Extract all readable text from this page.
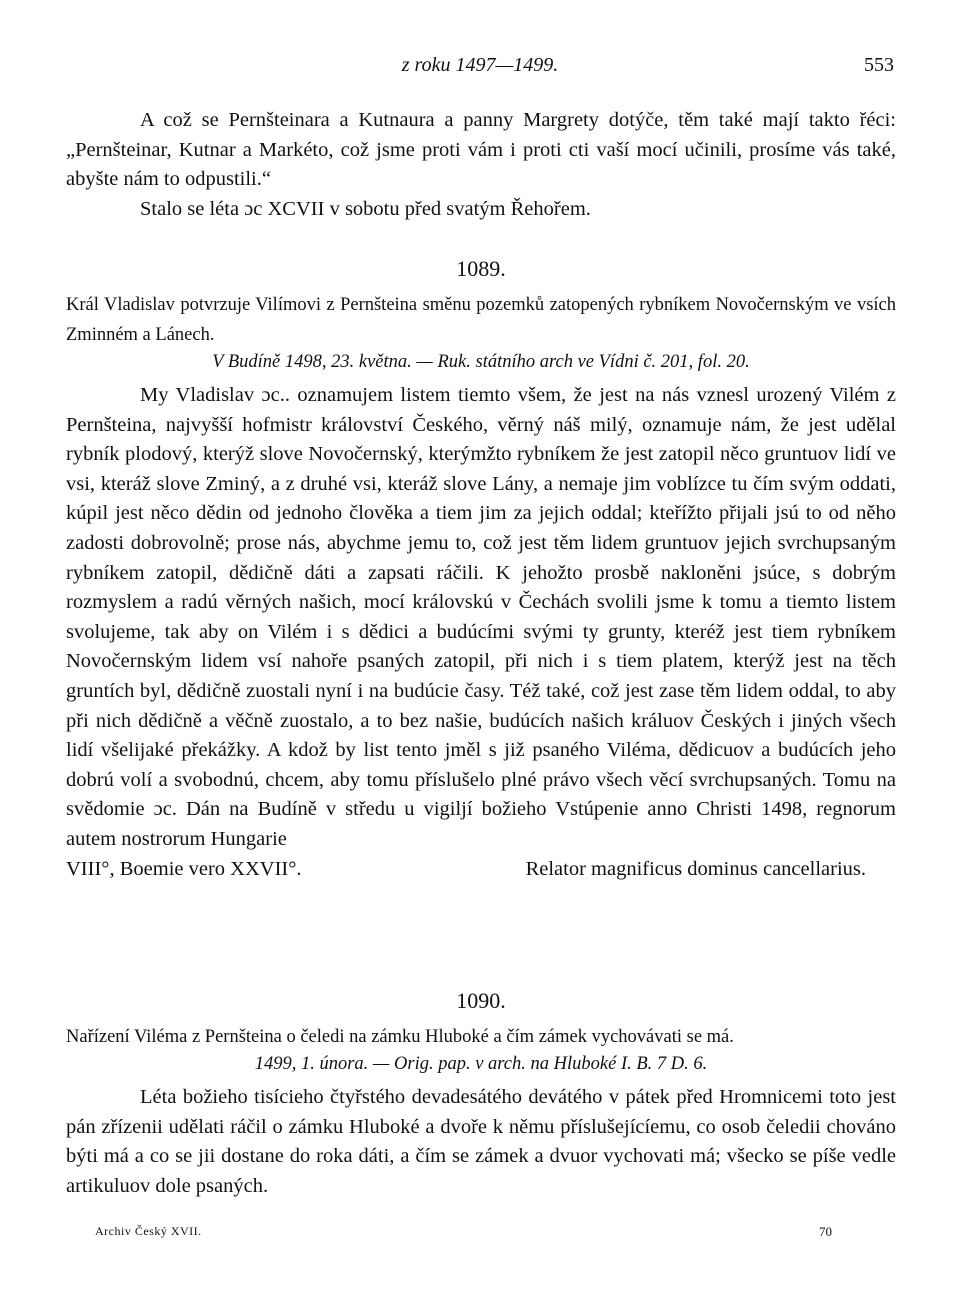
z roku 1497—1499.	553

A což se Pernšteinara a Kutnaura a panny Margrety dotýče, těm také mají takto řéci: „Pernšteinar, Kutnar a Markéto, což jsme proti vám i proti cti vaší mocí učinili, prosíme vás také, abyšte nám to odpustili.“

Stalo se léta ɔc XCVII v sobotu před svatým Řehořem.

1089.

Král Vladislav potvrzuje Vilímovi z Pernšteina směnu pozemků zatopených rybníkem Novočernským ve vsích Zminném a Lánech.

V Budíně 1498, 23. května. — Ruk. státního arch ve Vídni č. 201, fol. 20.

My Vladislav ɔc.. oznamujem listem tiemto všem, že jest na nás vznesl urozený Vilém z Pernšteina, najvyšší hofmistr království Českého, věrný náš milý, oznamuje nám, že jest udělal rybník plodový, kterýž slove Novočernský, kterýmžto rybníkem že jest zatopil něco gruntuov lidí ve vsi, kteráž slove Zminý, a z druhé vsi, kteráž slove Lány, a nemaje jim voblízce tu čím svým oddati, kúpil jest něco dědin od jednoho člověka a tiem jim za jejich oddal; kteřížto přijali jsú to od něho zadosti dobrovolně; prose nás, abychme jemu to, což jest těm lidem gruntuov jejich svrchupsaným rybníkem zatopil, dědičně dáti a zapsati ráčili. K jehožto prosbě nakloněni jsúce, s dobrým rozmyslem a radú věrných našich, mocí královskú v Čechách svolili jsme k tomu a tiemto listem svolujeme, tak aby on Vilém i s dědici a budúcími svými ty grunty, kteréž jest tiem rybníkem Novočernským lidem vsí nahoře psaných zatopil, při nich i s tiem platem, kterýž jest na těch gruntích byl, dědičně zuostali nyní i na budúcie časy. Též také, což jest zase těm lidem oddal, to aby při nich dědičně a věčně zuostalo, a to bez našie, budúcích našich králuov Českých i jiných všech lidí všelijaké překážky. A kdož by list tento jměl s již psaného Viléma, dědicuov a budúcích jeho dobrú volí a svobodnú, chcem, aby tomu příslušelo plné právo všech věcí svrchupsaných. Tomu na svědomie ɔc. Dán na Budíně v středu u vigiljí božieho Vstúpenie anno Christi 1498, regnorum autem nostrorum Hungarie

VIII°, Boemie vero XXVII°.	Relator magnificus dominus cancellarius.

1090.

Nařízení Viléma z Pernšteina o čeledi na zámku Hluboké a čím zámek vychovávati se má.

1499, 1. února. — Orig. pap. v arch. na Hluboké I. B. 7 D. 6.

Léta božieho tisícieho čtyřstého devadesátého devátého v pátek před Hromnicemi toto jest pán zřízenii udělati ráčil o zámku Hluboké a dvoře k němu příslušejícíemu, co osob čeledii chováno býti má a co se jii dostane do roka dáti, a čím se zámek a dvuor vychovati má; všecko se píše vedle artikuluov dole psaných.

Archiv Český XVII.	70
